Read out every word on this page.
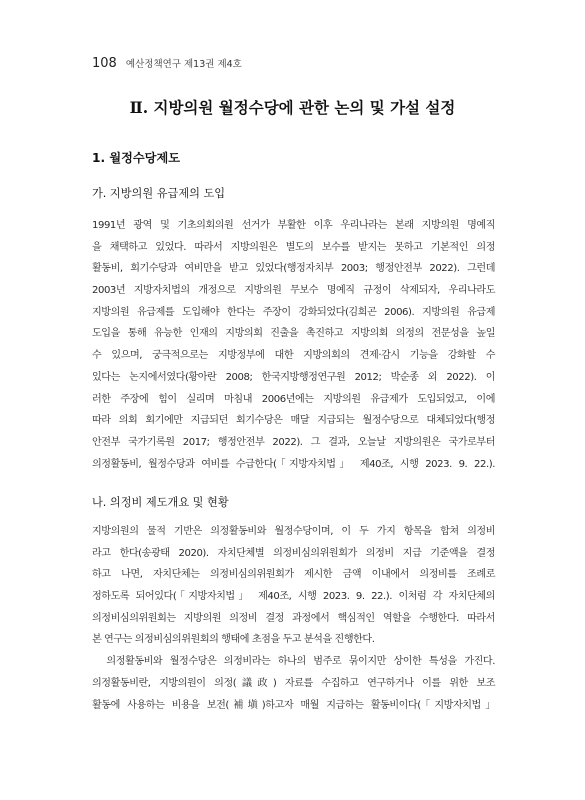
108 예산정책연구 제13권 제4호
Ⅱ. 지방의원 월정수당에 관한 논의 및 가설 설정
1. 월정수당제도
가. 지방의원 유급제의 도입
1991년 광역 및 기초의회의원 선거가 부활한 이후 우리나라는 본래 지방의원 명예직
을 채택하고 있었다. 따라서 지방의원은 별도의 보수를 받지는 못하고 기본적인 의정
활동비, 회기수당과 여비만을 받고 있었다(행정자치부 2003; 행정안전부 2022). 그런데
2003년 지방자치법의 개정으로 지방의원 무보수 명예직 규정이 삭제되자, 우리나라도
지방의원 유급제를 도입해야 한다는 주장이 강화되었다(김희곤 2006). 지방의원 유급제
도입을 통해 유능한 인재의 지방의회 진출을 촉진하고 지방의회 의정의 전문성을 높일
수 있으며, 궁극적으로는 지방정부에 대한 지방의회의 견제·감시 기능을 강화할 수
있다는 논지에서였다(황아란 2008; 한국지방행정연구원 2012; 박순종 외 2022). 이
러한 주장에 힘이 실리며 마침내 2006년에는 지방의원 유급제가 도입되었고, 이에
따라 의회 회기에만 지급되던 회기수당은 매달 지급되는 월정수당으로 대체되었다(행정
안전부 국가기록원 2017; 행정안전부 2022). 그 결과, 오늘날 지방의원은 국가로부터
의정활동비, 월정수당과 여비를 수급한다(「지방자치법」 제40조, 시행 2023. 9. 22.).
나. 의정비 제도개요 및 현황
지방의원의 물적 기반은 의정활동비와 월정수당이며, 이 두 가지 항목을 합쳐 의정비
라고 한다(송광태 2020). 자치단체별 의정비심의위원회가 의정비 지급 기준액을 결정
하고 나면, 자치단체는 의정비심의위원회가 제시한 금액 이내에서 의정비를 조례로
정하도록 되어있다(「지방자치법」 제40조, 시행 2023. 9. 22.). 이처럼 각 자치단체의
의정비심의위원회는 지방의원 의정비 결정 과정에서 핵심적인 역할을 수행한다. 따라서
본 연구는 의정비심의위원회의 행태에 초점을 두고 분석을 진행한다.
　의정활동비와 월정수당은 의정비라는 하나의 범주로 묶이지만 상이한 특성을 가진다.
의정활동비란, 지방의원이 의정(議政) 자료를 수집하고 연구하거나 이를 위한 보조
활동에 사용하는 비용을 보전(補塡)하고자 매월 지급하는 활동비이다(「지방자치법」
